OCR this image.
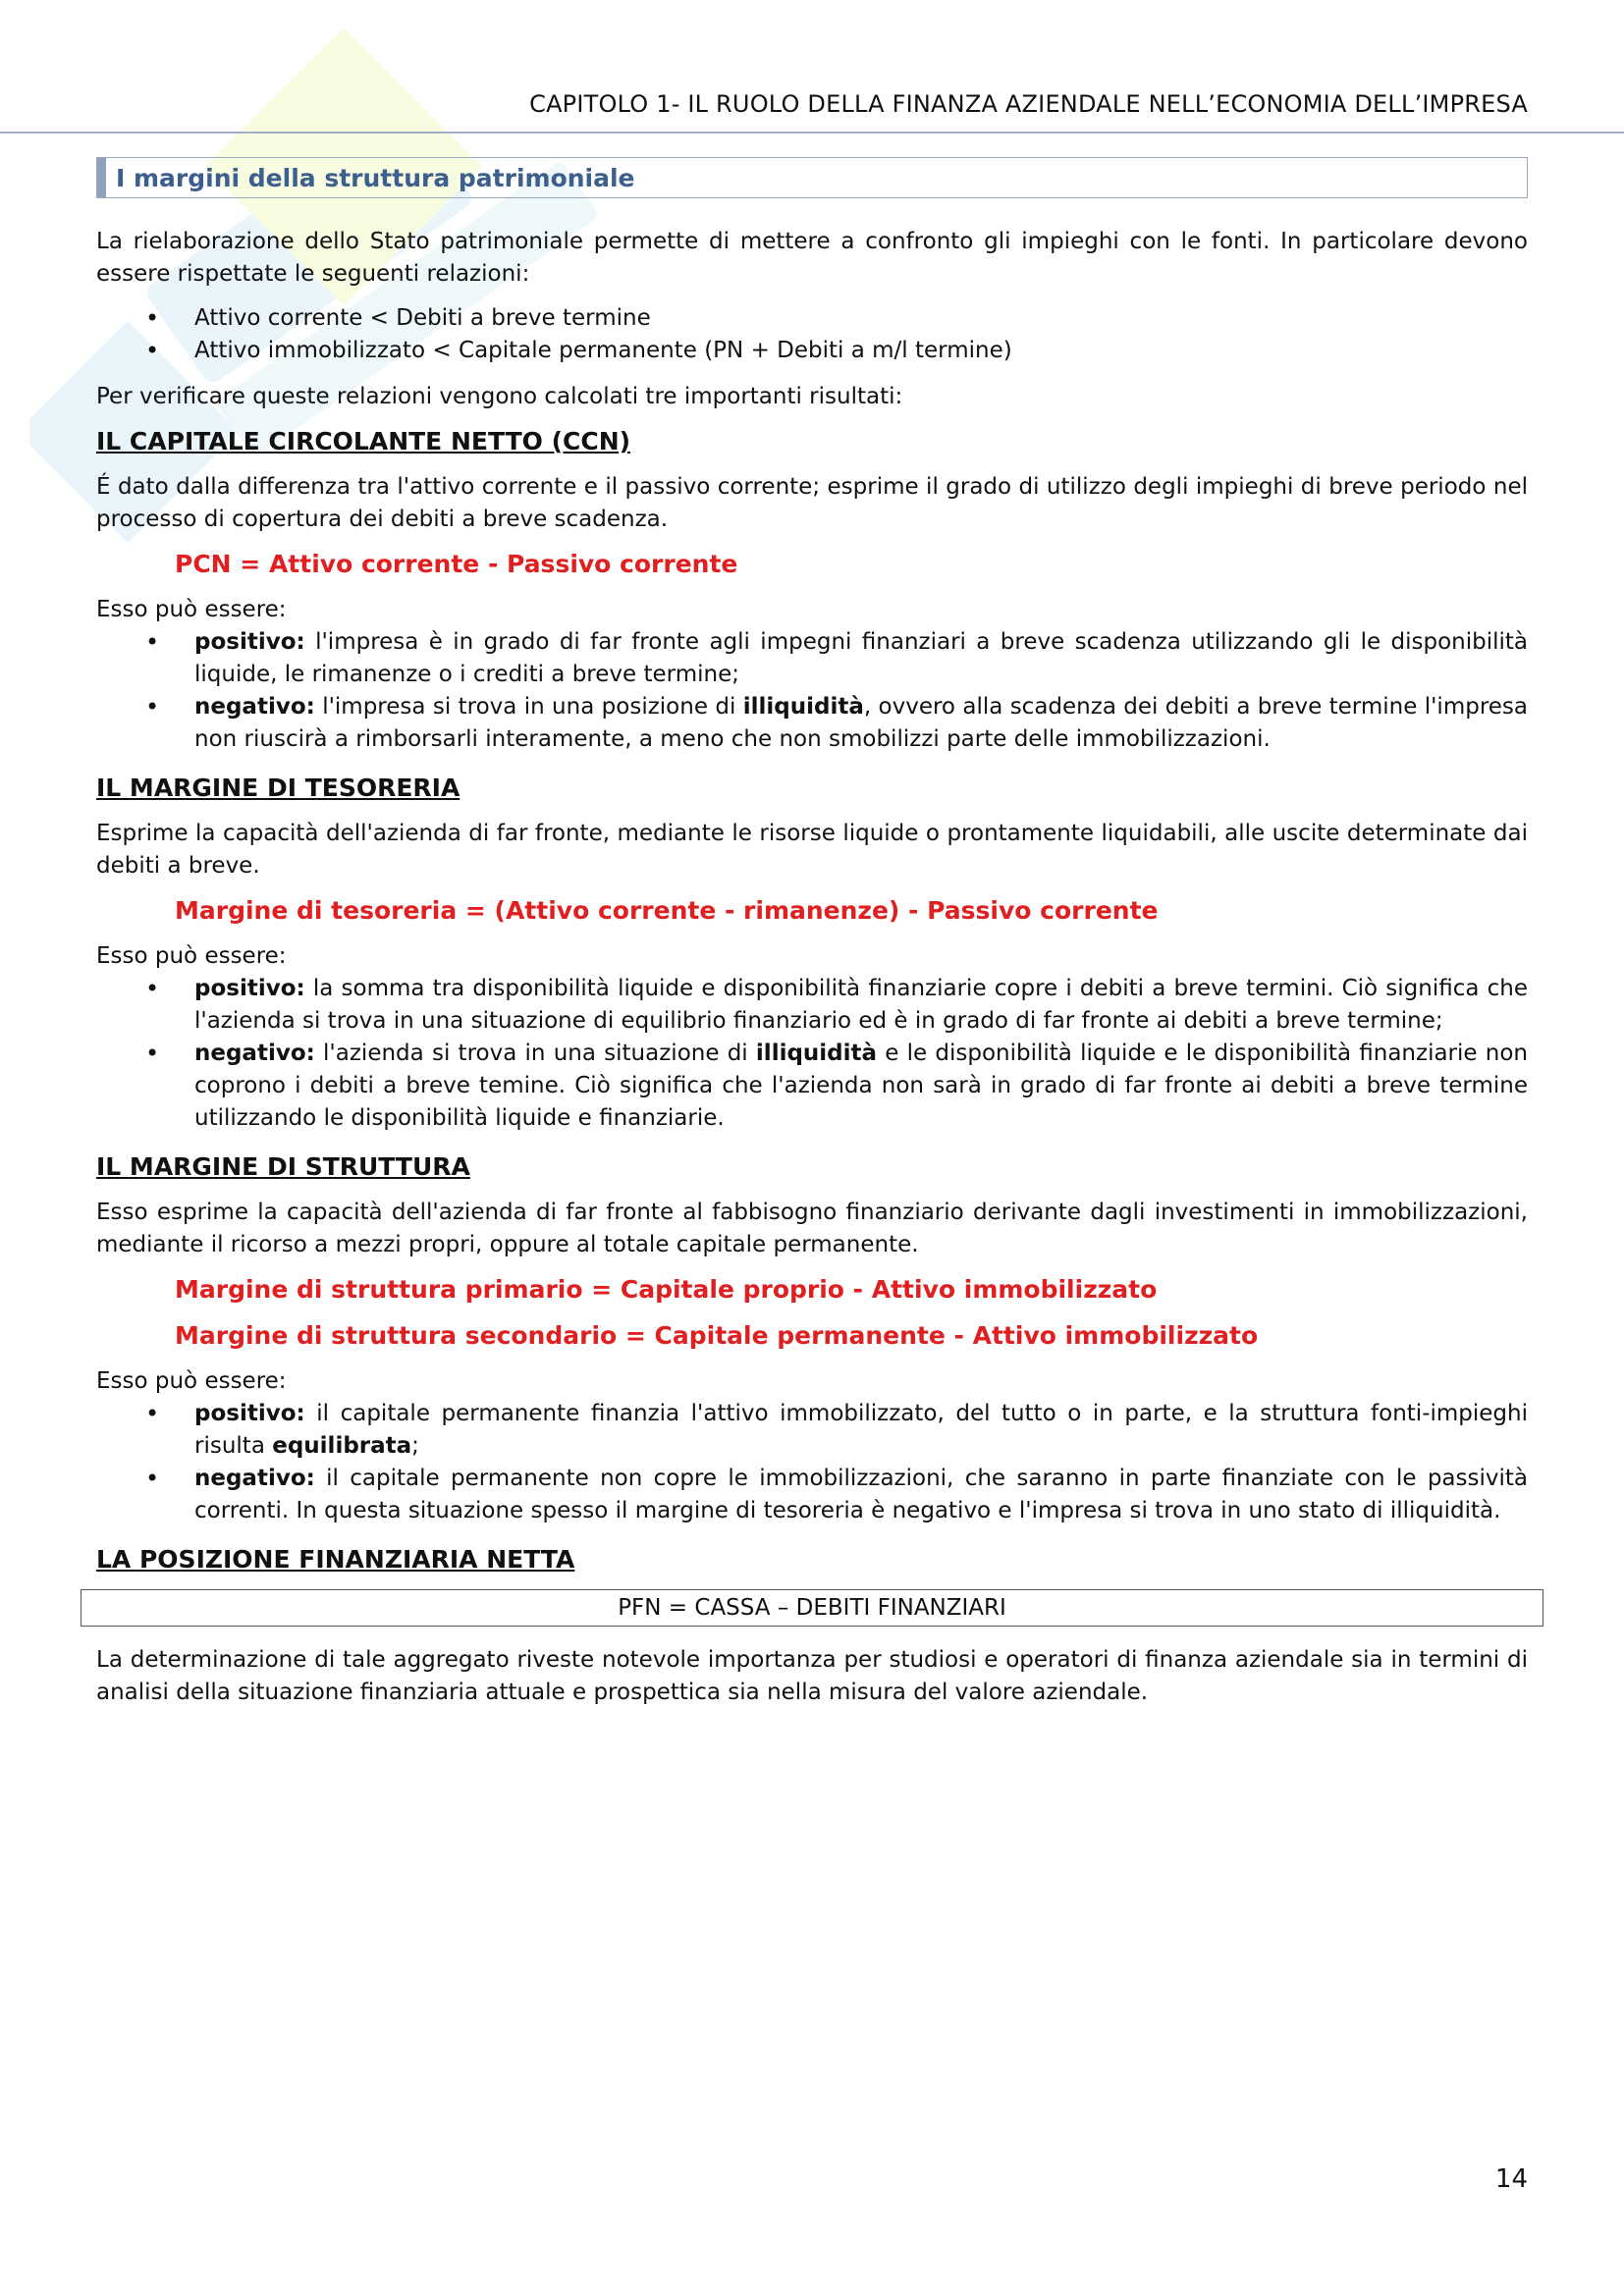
CAPITOLO 1- IL RUOLO DELLA FINANZA AZIENDALE NELL’ECONOMIA DELL’IMPRESA
I margini della struttura patrimoniale

La rielaborazione dello Stato patrimoniale permette di mettere a confronto gli impieghi con le fonti. In particolare devono essere rispettate le seguenti relazioni:

• Attivo corrente < Debiti a breve termine
• Attivo immobilizzato < Capitale permanente (PN + Debiti a m/l termine)

Per verificare queste relazioni vengono calcolati tre importanti risultati:

IL CAPITALE CIRCOLANTE NETTO (CCN)

É dato dalla differenza tra l'attivo corrente e il passivo corrente; esprime il grado di utilizzo degli impieghi di breve periodo nel processo di copertura dei debiti a breve scadenza.

PCN = Attivo corrente - Passivo corrente

Esso può essere:

• positivo: l'impresa è in grado di far fronte agli impegni finanziari a breve scadenza utilizzando gli le disponibilità liquide, le rimanenze o i crediti a breve termine;
• negativo: l'impresa si trova in una posizione di illiquidità, ovvero alla scadenza dei debiti a breve termine l'impresa non riuscirà a rimborsarli interamente, a meno che non smobilizzi parte delle immobilizzazioni.
IL MARGINE DI TESORERIA

Esprime la capacità dell'azienda di far fronte, mediante le risorse liquide o prontamente liquidabili, alle uscite determinate dai debiti a breve.

Margine di tesoreria = (Attivo corrente - rimanenze) - Passivo corrente

Esso può essere:

• positivo: la somma tra disponibilità liquide e disponibilità finanziarie copre i debiti a breve termini. Ciò significa che l'azienda si trova in una situazione di equilibrio finanziario ed è in grado di far fronte ai debiti a breve termine;
• negativo: l'azienda si trova in una situazione di illiquidità e le disponibilità liquide e le disponibilità finanziarie non coprono i debiti a breve temine. Ciò significa che l'azienda non sarà in grado di far fronte ai debiti a breve termine utilizzando le disponibilità liquide e finanziarie.
IL MARGINE DI STRUTTURA

Esso esprime la capacità dell'azienda di far fronte al fabbisogno finanziario derivante dagli investimenti in immobilizzazioni, mediante il ricorso a mezzi propri, oppure al totale capitale permanente.

Margine di struttura primario = Capitale proprio - Attivo immobilizzato
Margine di struttura secondario = Capitale permanente - Attivo immobilizzato

Esso può essere:

• positivo: il capitale permanente finanzia l'attivo immobilizzato, del tutto o in parte, e la struttura fonti-impieghi risulta equilibrata;
• negativo: il capitale permanente non copre le immobilizzazioni, che saranno in parte finanziate con le passività correnti. In questa situazione spesso il margine di tesoreria è negativo e l'impresa si trova in uno stato di illiquidità.
LA POSIZIONE FINANZIARIA NETTA
PFN = CASSA – DEBITI FINANZIARI

La determinazione di tale aggregato riveste notevole importanza per studiosi e operatori di finanza aziendale sia in termini di analisi della situazione finanziaria attuale e prospettica sia nella misura del valore aziendale.

14
